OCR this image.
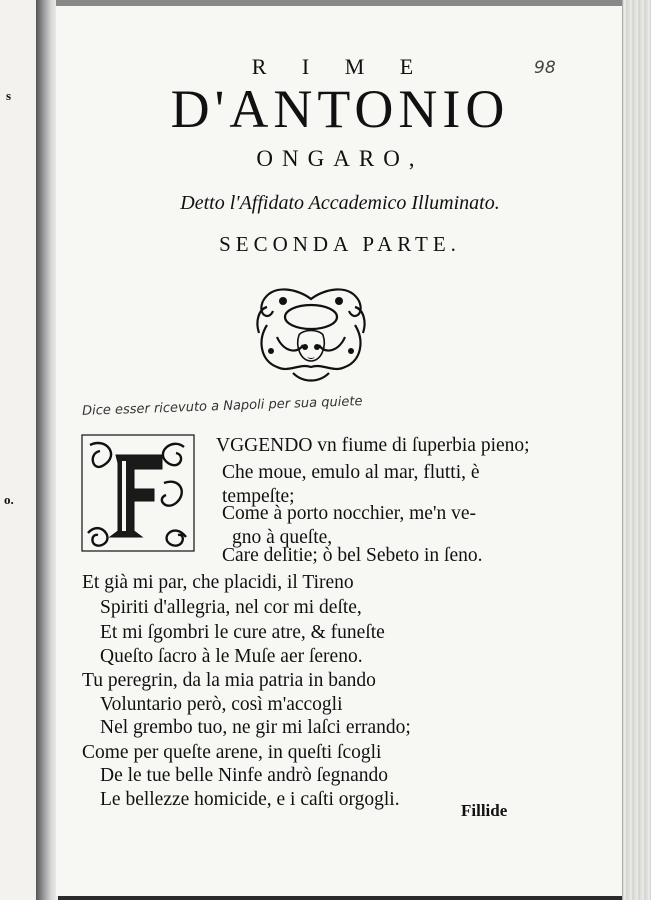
s
o.
R I M E
D'ANTONIO
ONGARO,
Detto l'Affidato Accademico Illuminato.
SECONDA PARTE.
98
Dice esser ricevuto a Napoli per sua quiete
VGGENDO vn fiume di ſuperbia pieno;
Che moue, emulo al mar, flutti, è
tempeſte;
Come à porto nocchier, me'n ve-
gno à queſte,
Care delitie; ò bel Sebeto in ſeno.
Et già mi par, che placidi, il Tireno
Spiriti d'allegria, nel cor mi deſte,
Et mi ſgombri le cure atre, & funeſte
Queſto ſacro à le Muſe aer ſereno.
Tu peregrin, da la mia patria in bando
Voluntario però, così m'accogli
Nel grembo tuo, ne gir mi laſci errando;
Come per queſte arene, in queſti ſcogli
De le tue belle Ninfe andrò ſegnando
Le bellezze homicide, e i caſti orgogli.
Fillide
